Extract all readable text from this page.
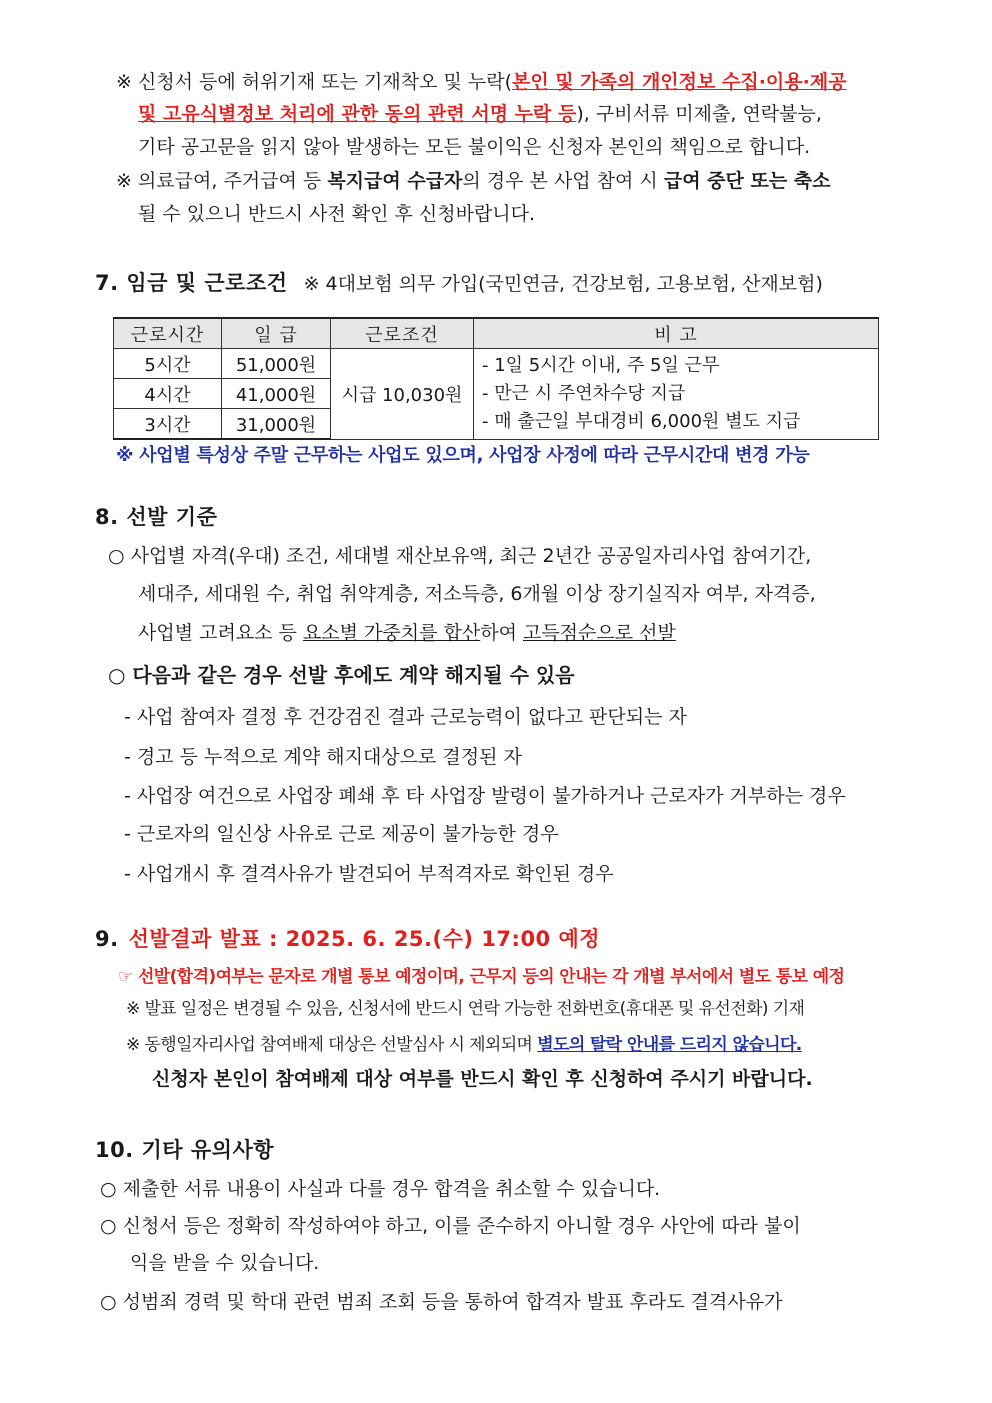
※ 신청서 등에 허위기재 또는 기재착오 및 누락(본인 및 가족의 개인정보 수집·이용·제공
및 고유식별정보 처리에 관한 동의 관련 서명 누락 등), 구비서류 미제출, 연락불능,
기타 공고문을 읽지 않아 발생하는 모든 불이익은 신청자 본인의 책임으로 합니다.
※ 의료급여, 주거급여 등 복지급여 수급자의 경우 본 사업 참여 시 급여 중단 또는 축소
될 수 있으니 반드시 사전 확인 후 신청바랍니다.
7. 임금 및 근로조건 ※ 4대보험 의무 가입(국민연금, 건강보험, 고용보험, 산재보험)
근로시간	일 급	근로조건	비 고
5시간	51,000원	시급 10,030원	- 1일 5시간 이내, 주 5일 근무
- 만근 시 주연차수당 지급
- 매 출근일 부대경비 6,000원 별도 지급

4시간	41,000원		
3시간	31,000원		
※ 사업별 특성상 주말 근무하는 사업도 있으며, 사업장 사정에 따라 근무시간대 변경 가능
8. 선발 기준
○ 사업별 자격(우대) 조건, 세대별 재산보유액, 최근 2년간 공공일자리사업 참여기간,
세대주, 세대원 수, 취업 취약계층, 저소득층, 6개월 이상 장기실직자 여부, 자격증,
사업별 고려요소 등 요소별 가중치를 합산하여 고득점순으로 선발
○ 다음과 같은 경우 선발 후에도 계약 해지될 수 있음
- 사업 참여자 결정 후 건강검진 결과 근로능력이 없다고 판단되는 자
- 경고 등 누적으로 계약 해지대상으로 결정된 자
- 사업장 여건으로 사업장 폐쇄 후 타 사업장 발령이 불가하거나 근로자가 거부하는 경우
- 근로자의 일신상 사유로 근로 제공이 불가능한 경우
- 사업개시 후 결격사유가 발견되어 부적격자로 확인된 경우
9. 선발결과 발표 : 2025. 6. 25.(수) 17:00 예정
☞ 선발(합격)여부는 문자로 개별 통보 예정이며, 근무지 등의 안내는 각 개별 부서에서 별도 통보 예정
※ 발표 일정은 변경될 수 있음, 신청서에 반드시 연락 가능한 전화번호(휴대폰 및 유선전화) 기재
※ 동행일자리사업 참여배제 대상은 선발심사 시 제외되며 별도의 탈락 안내를 드리지 않습니다.
신청자 본인이 참여배제 대상 여부를 반드시 확인 후 신청하여 주시기 바랍니다.
10. 기타 유의사항
○ 제출한 서류 내용이 사실과 다를 경우 합격을 취소할 수 있습니다.
○ 신청서 등은 정확히 작성하여야 하고, 이를 준수하지 아니할 경우 사안에 따라 불이
익을 받을 수 있습니다.
○ 성범죄 경력 및 학대 관련 범죄 조회 등을 통하여 합격자 발표 후라도 결격사유가
